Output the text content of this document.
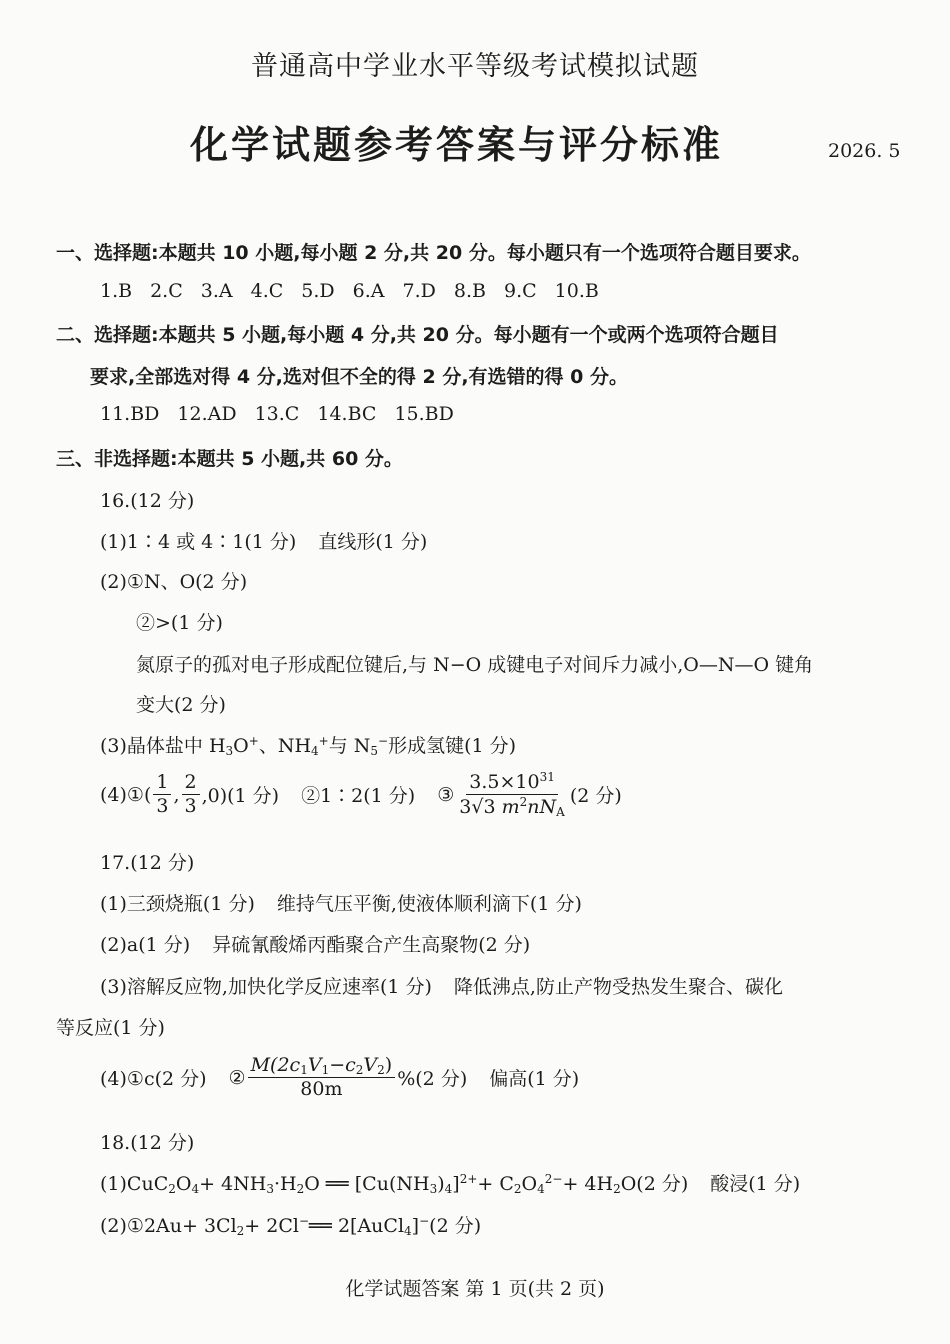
普通高中学业水平等级考试模拟试题
化学试题参考答案与评分标准	2026. 5
一、选择题:本题共 10 小题,每小题 2 分,共 20 分。每小题只有一个选项符合题目要求。
1.B 2.C 3.A 4.C 5.D 6.A 7.D 8.B 9.C 10.B
二、选择题:本题共 5 小题,每小题 4 分,共 20 分。每小题有一个或两个选项符合题目
要求,全部选对得 4 分,选对但不全的得 2 分,有选错的得 0 分。
11.BD 12.AD 13.C 14.BC 15.BD
三、非选择题:本题共 5 小题,共 60 分。
16.(12 分)
(1)1∶4 或 4∶1(1 分) 直线形(1 分)
(2)①N、O(2 分)
②>(1 分)
氮原子的孤对电子形成配位键后,与 N−O 成键电子对间斥力减小,O—N—O 键角
变大(2 分)
(3)晶体盐中 $H_3O^+$、$NH_4^+$与 $N_5^-$形成氢键(1 分)
(4)①( $\frac{1}{3}$ , $\frac{2}{3} ,0)(1$ 分) ②1∶2(1 分) ③ $\frac{3.5\times 10^{31}}{3√3 m^2nN_A} (2$ 分)
17.(12 分)
(1)三颈烧瓶(1 分) 维持气压平衡,使液体顺利滴下(1 分)
(2)a(1 分) 异硫氰酸烯丙酯聚合产生高聚物(2 分)
(3)溶解反应物,加快化学反应速率(1 分) 降低沸点,防止产物受热发生聚合、碳化
等反应(1 分)
(4)①c(2 分) ② $\frac{M(2c_1V_1-c_2V_2)}{80m} \%(2$ 分) 偏高(1 分)
18.(12 分)
$(1)CuC_2O_4+ 4NH_3\cdot H_2O$ ══ $[Cu(NH_3)_4]^{2+}+ C_2O_4^{2-}+ 4H_2O(2$ 分) 酸浸(1 分)
(2)①2Au+ $3Cl_2+$ 2Cl−══ 2[AuCl$_4$]−(2 分)
化学试题答案 第 1 页(共 2 页)
